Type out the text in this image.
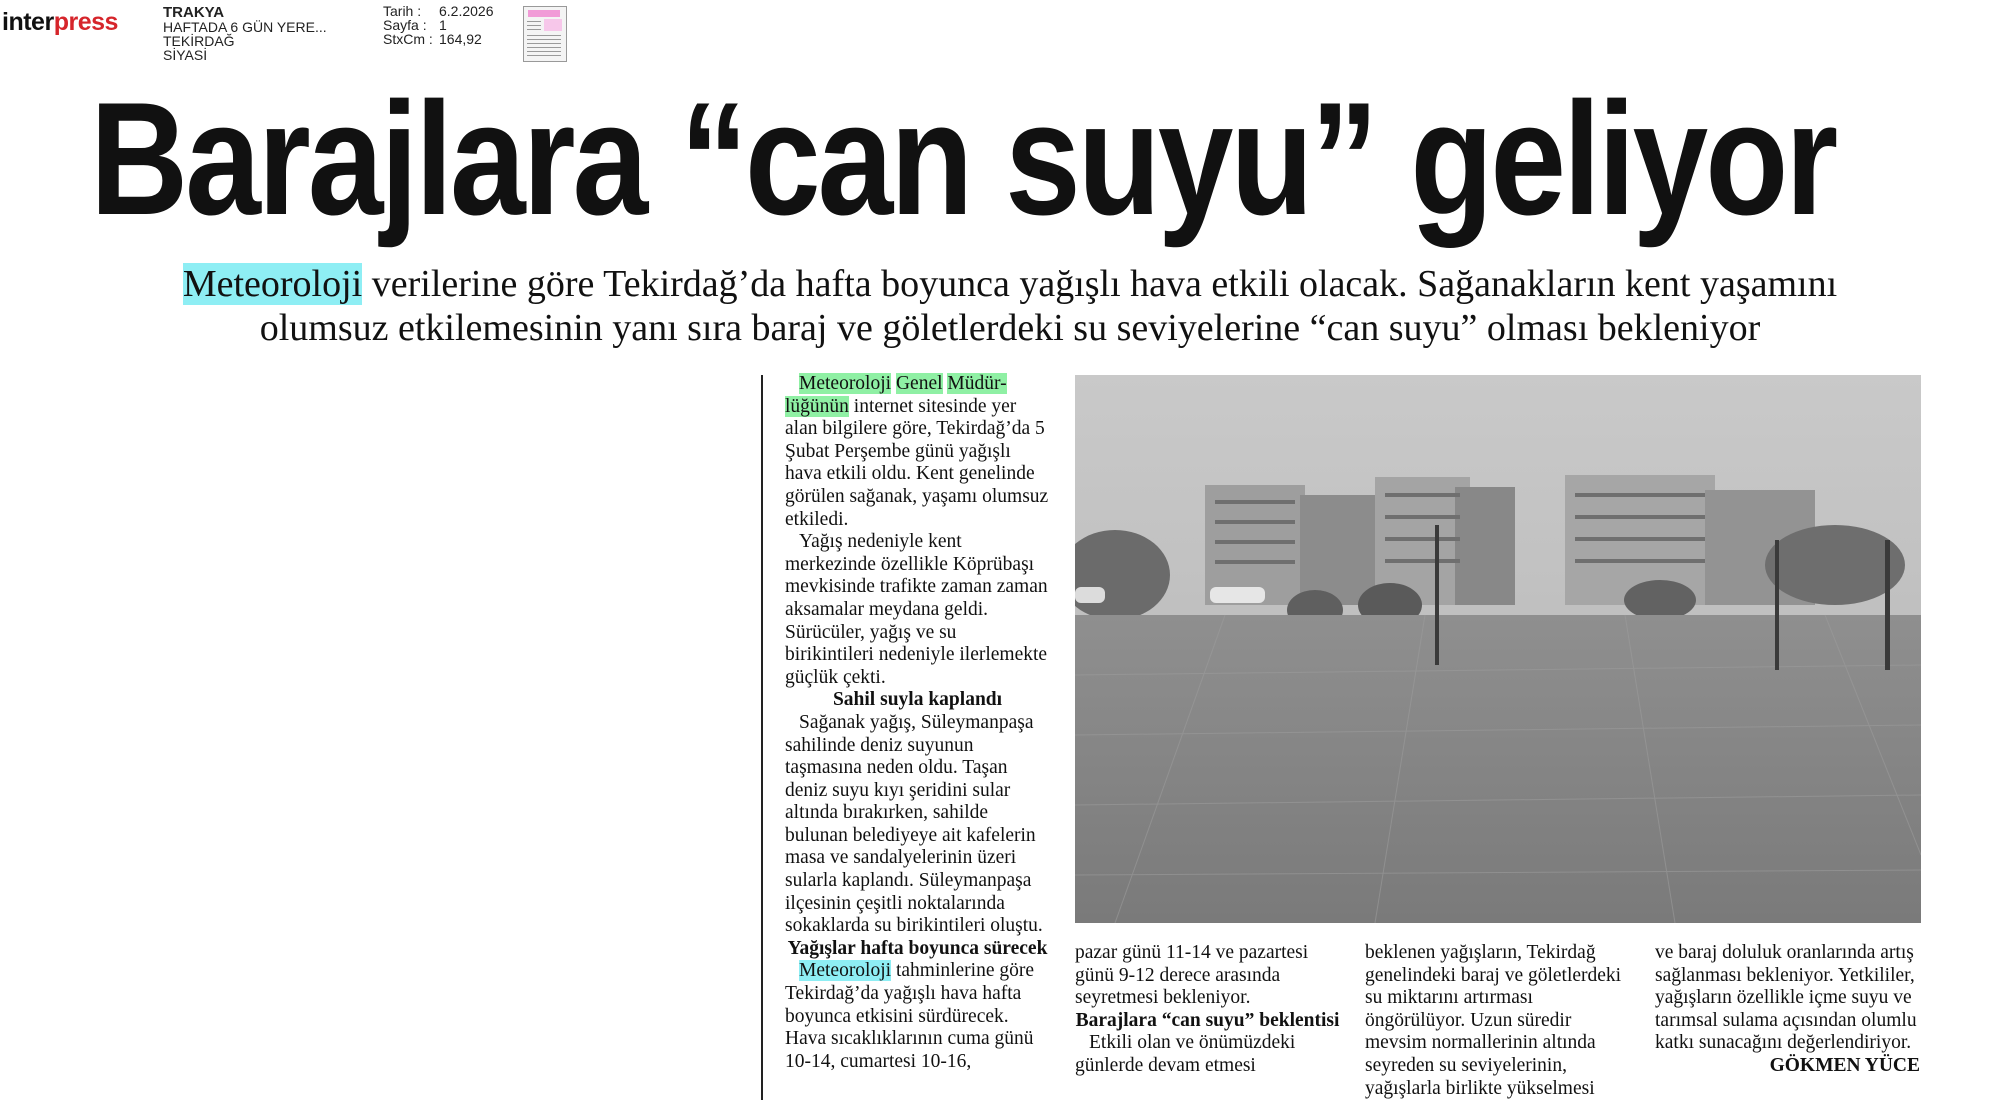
interpress	TRAKYA
HAFTADA 6 GÜN YERE...
TEKİRDAĞ
SİYASİ
Tarih :	6.2.2026
Sayfa : 1
StxCm : 164,92
Barajlara “can suyu” geliyor
Meteoroloji verilerine göre Tekirdağ’da hafta boyunca yağışlı hava etkili olacak. Sağanakların kent yaşamını
olumsuz etkilemesinin yanı sıra baraj ve göletlerdeki su seviyelerine “can suyu” olması bekleniyor

Meteoroloji Genel Müdür- lüğünün internet sitesinde yer alan bilgilere göre, Tekirdağ’da 5 Şubat Perşembe günü yağışlı hava etkili oldu. Kent genelinde görülen sağanak, yaşamı olumsuz etkiledi.

Yağış nedeniyle kent merkezinde özellikle Köprübaşı mevkisinde trafikte zaman zaman aksamalar meydana geldi. Sürücüler, yağış ve su birikintileri nedeniyle ilerlemekte güçlük çekti.

Sahil suyla kaplandı

Sağanak yağış, Süleymanpaşa sahilinde deniz suyunun taşmasına neden oldu. Taşan deniz suyu kıyı şeridini sular altında bırakırken, sahilde bulunan belediyeye ait kafelerin masa ve sandalyelerinin üzeri sularla kaplandı. Süleymanpaşa ilçesinin çeşitli noktalarında sokaklarda su birikintileri oluştu.

Yağışlar hafta boyunca sürecek

Meteoroloji tahminlerine göre Tekirdağ’da yağışlı hava hafta boyunca etkisini sürdürecek. Hava sıcaklıklarının cuma günü 10-14, cumartesi 10-16,

pazar günü 11-14 ve pazartesi günü 9-12 derece arasında seyretmesi bekleniyor.

Barajlara “can suyu” beklentisi

Etkili olan ve önümüzdeki günlerde devam etmesi

beklenen yağışların, Tekirdağ genelindeki baraj ve göletlerdeki su miktarını artırması öngörülüyor. Uzun süredir mevsim normallerinin altında seyreden su seviyelerinin, yağışlarla birlikte yükselmesi

ve baraj doluluk oranlarında artış sağlanması bekleniyor. Yetkililer, yağışların özellikle içme suyu ve tarımsal sulama açısından olumlu katkı sunacağını değerlendiriyor.

GÖKMEN YÜCE
